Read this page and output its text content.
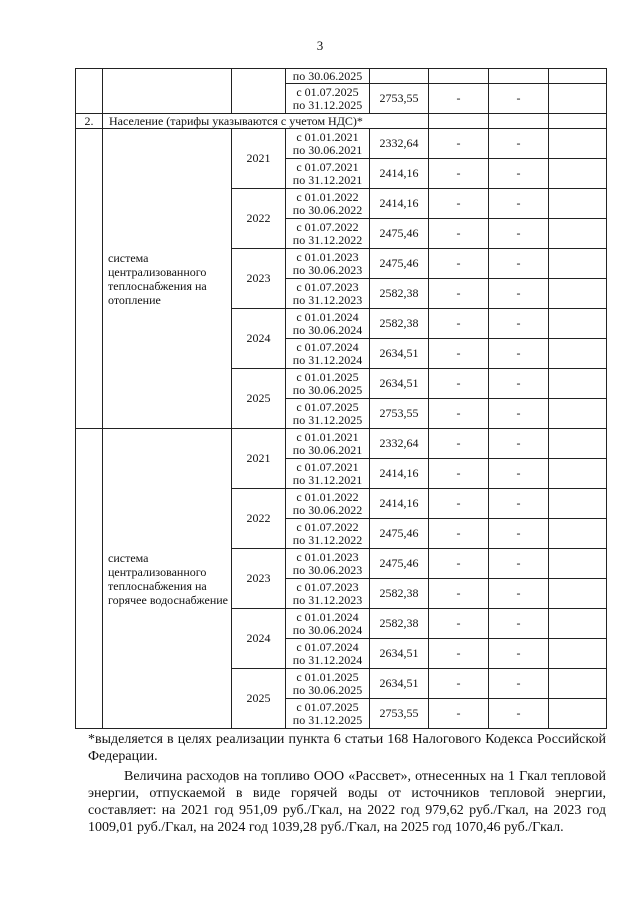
3
			по 30.06.2025				
			с 01.07.2025
по 31.12.2025	2753,55	-	-	
2.	Население (тарифы указываются с учетом НДС)*						
	система централизованного теплоснабжения на отопление	2021	с 01.01.2021
по 30.06.2021	2332,64	-	-	
			с 01.07.2021
по 31.12.2021	2414,16	-	-	
		2022	с 01.01.2022
по 30.06.2022	2414,16	-	-	
			с 01.07.2022
по 31.12.2022	2475,46	-	-	
		2023	с 01.01.2023
по 30.06.2023	2475,46	-	-	
			с 01.07.2023
по 31.12.2023	2582,38	-	-	
		2024	с 01.01.2024
по 30.06.2024	2582,38	-	-	
			с 01.07.2024
по 31.12.2024	2634,51	-	-	
		2025	с 01.01.2025
по 30.06.2025	2634,51	-	-	
			с 01.07.2025
по 31.12.2025	2753,55	-	-	
	система централизованного теплоснабжения на горячее водоснабжение	2021	с 01.01.2021
по 30.06.2021	2332,64	-	-	
			с 01.07.2021
по 31.12.2021	2414,16	-	-	
		2022	с 01.01.2022
по 30.06.2022	2414,16	-	-	
			с 01.07.2022
по 31.12.2022	2475,46	-	-	
		2023	с 01.01.2023
по 30.06.2023	2475,46	-	-	
			с 01.07.2023
по 31.12.2023	2582,38	-	-	
		2024	с 01.01.2024
по 30.06.2024	2582,38	-	-	
			с 01.07.2024
по 31.12.2024	2634,51	-	-	
		2025	с 01.01.2025
по 30.06.2025	2634,51	-	-	
			с 01.07.2025
по 31.12.2025	2753,55	-	-	
*выделяется в целях реализации пункта 6 статьи 168 Налогового Кодекса Российской Федерации.
Величина расходов на топливо ООО «Рассвет», отнесенных на 1 Гкал тепловой энергии, отпускаемой в виде горячей воды от источников тепловой энергии, составляет: на 2021 год 951,09 руб./Гкал, на 2022 год 979,62 руб./Гкал, на 2023 год 1009,01 руб./Гкал, на 2024 год 1039,28 руб./Гкал, на 2025 год 1070,46 руб./Гкал.
